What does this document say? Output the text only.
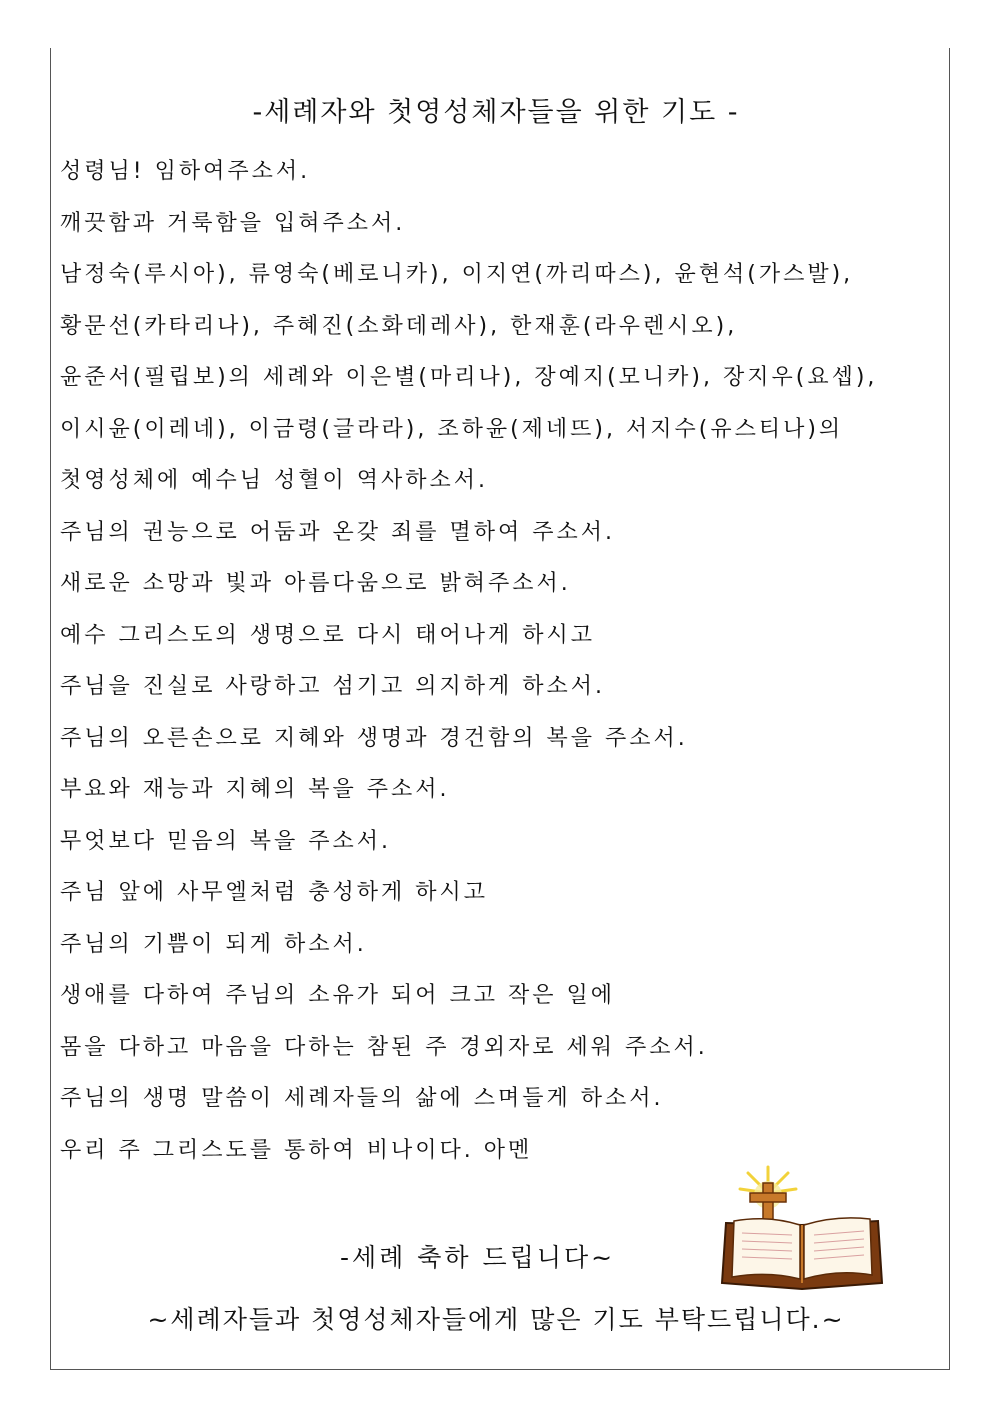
-세례자와 첫영성체자들을 위한 기도 -
성령님! 임하여주소서.
깨끗함과 거룩함을 입혀주소서.
남정숙(루시아), 류영숙(베로니카), 이지연(까리따스), 윤현석(가스발),
황문선(카타리나), 주혜진(소화데레사), 한재훈(라우렌시오),
윤준서(필립보)의 세례와 이은별(마리나), 장예지(모니카), 장지우(요셉),
이시윤(이레네), 이금령(글라라), 조하윤(제네뜨), 서지수(유스티나)의
첫영성체에 예수님 성혈이 역사하소서.
주님의 권능으로 어둠과 온갖 죄를 멸하여 주소서.
새로운 소망과 빛과 아름다움으로 밝혀주소서.
예수 그리스도의 생명으로 다시 태어나게 하시고
주님을 진실로 사랑하고 섬기고 의지하게 하소서.
주님의 오른손으로 지혜와 생명과 경건함의 복을 주소서.
부요와 재능과 지혜의 복을 주소서.
무엇보다 믿음의 복을 주소서.
주님 앞에 사무엘처럼 충성하게 하시고
주님의 기쁨이 되게 하소서.
생애를 다하여 주님의 소유가 되어 크고 작은 일에
몸을 다하고 마음을 다하는 참된 주 경외자로 세워 주소서.
주님의 생명 말씀이 세례자들의 삶에 스며들게 하소서.
우리 주 그리스도를 통하여 비나이다. 아멘
-세례 축하 드립니다~
~세례자들과 첫영성체자들에게 많은 기도 부탁드립니다.~
